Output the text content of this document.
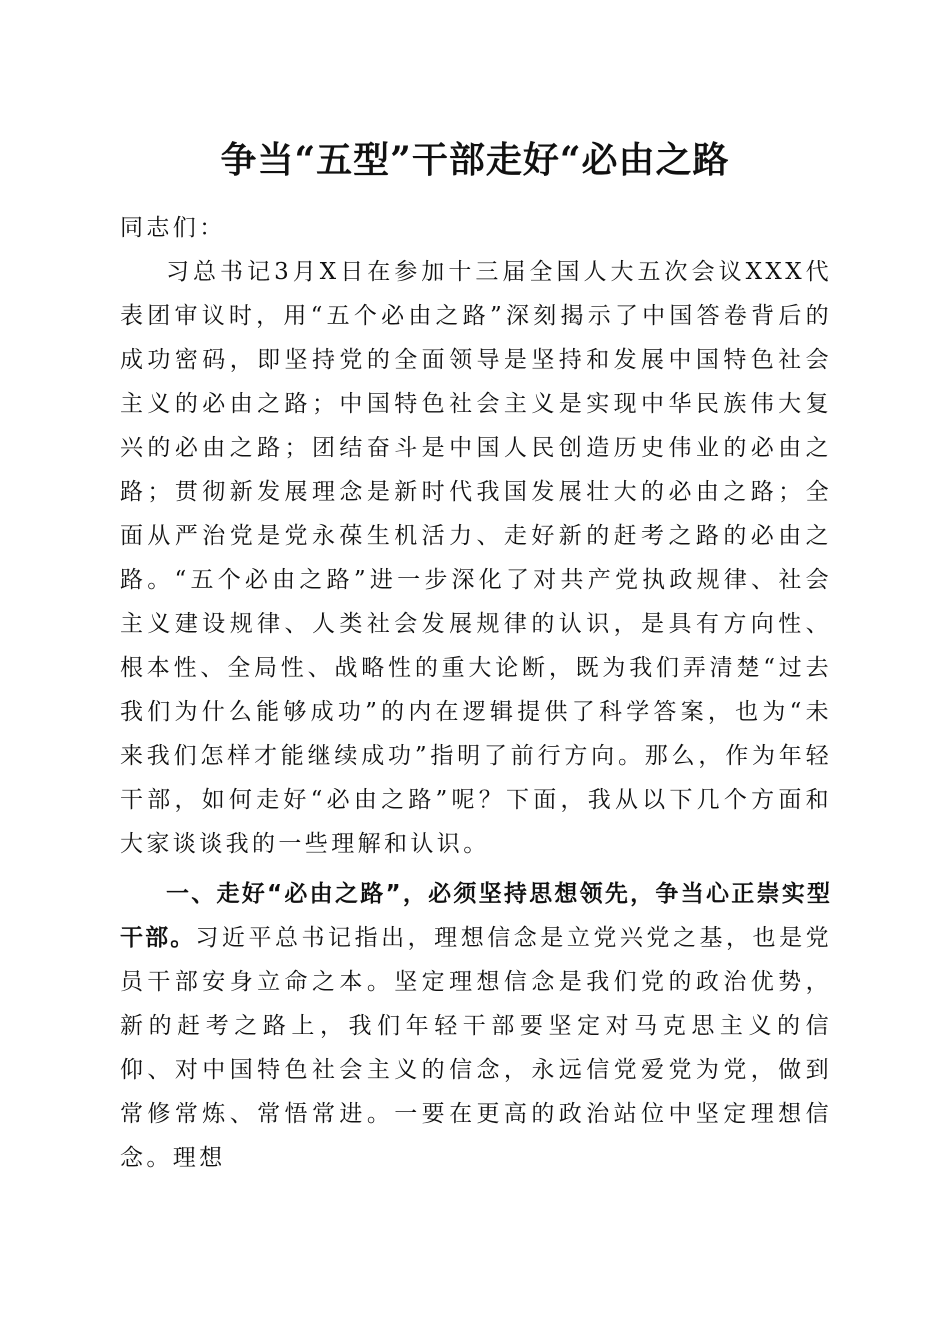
争当“五型”干部走好“必由之路

同志们：

习总书记3月X日在参加十三届全国人大五次会议XXX代表团审议时，用“五个必由之路”深刻揭示了中国答卷背后的成功密码，即坚持党的全面领导是坚持和发展中国特色社会主义的必由之路；中国特色社会主义是实现中华民族伟大复兴的必由之路；团结奋斗是中国人民创造历史伟业的必由之路；贯彻新发展理念是新时代我国发展壮大的必由之路；全面从严治党是党永葆生机活力、走好新的赶考之路的必由之路。“五个必由之路”进一步深化了对共产党执政规律、社会主义建设规律、人类社会发展规律的认识，是具有方向性、根本性、全局性、战略性的重大论断，既为我们弄清楚“过去我们为什么能够成功”的内在逻辑提供了科学答案，也为“未来我们怎样才能继续成功”指明了前行方向。那么，作为年轻干部，如何走好“必由之路”呢？下面，我从以下几个方面和大家谈谈我的一些理解和认识。

一、走好“必由之路”，必须坚持思想领先，争当心正崇实型干部。习近平总书记指出，理想信念是立党兴党之基，也是党员干部安身立命之本。坚定理想信念是我们党的政治优势，新的赶考之路上，我们年轻干部要坚定对马克思主义的信仰、对中国特色社会主义的信念，永远信党爱党为党，做到常修常炼、常悟常进。一要在更高的政治站位中坚定理想信念。理想
